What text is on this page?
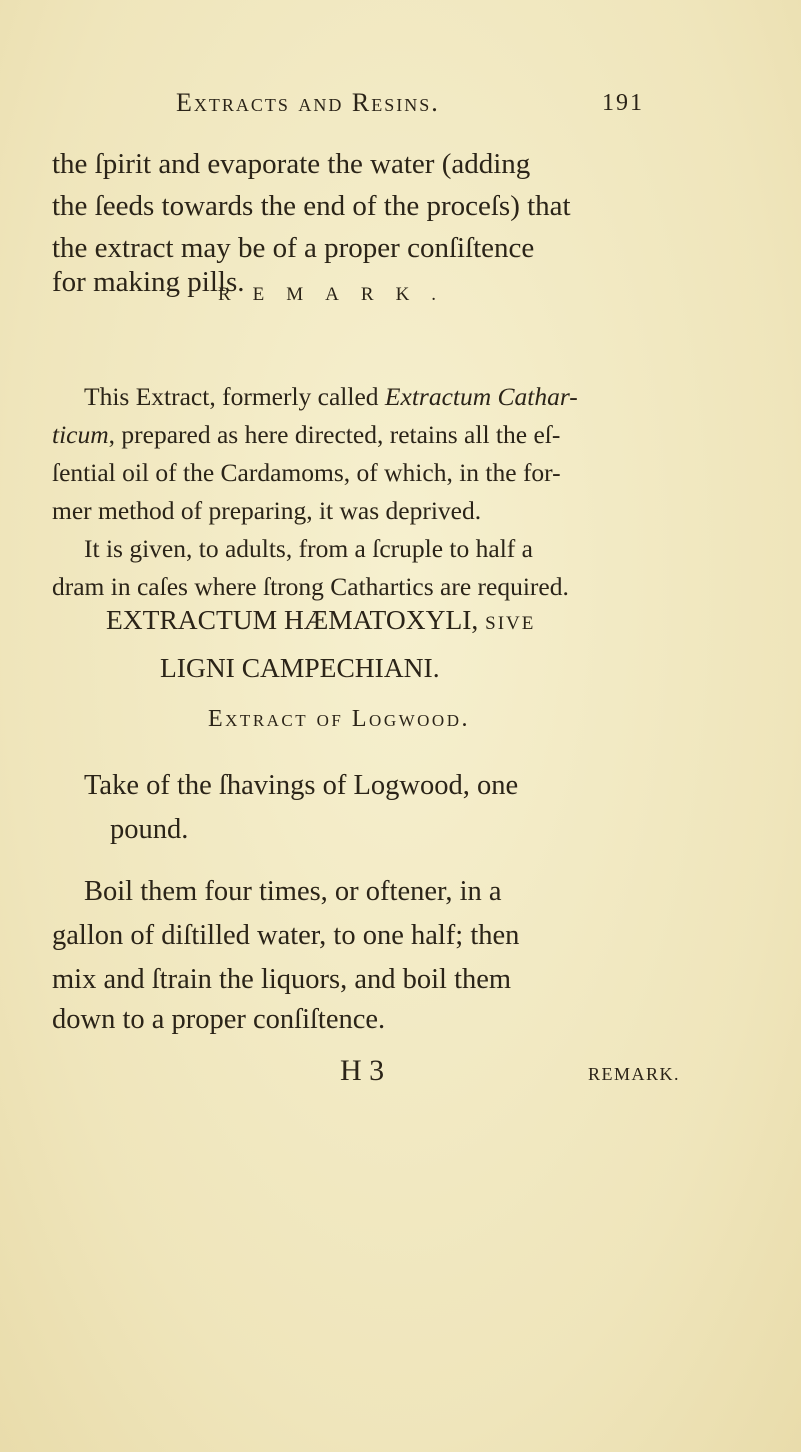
Extracts and Resins.	191
the ſpirit and evaporate the water (adding
the ſeeds towards the end of the proceſs) that
the extract may be of a proper conſiſtence
for making pills.
REMARK.
This Extract, formerly called Extractum Cathar-
ticum, prepared as here directed, retains all the eſ-
ſential oil of the Cardamoms, of which, in the for-
mer method of preparing, it was deprived.
It is given, to adults, from a ſcruple to half a
dram in caſes where ſtrong Cathartics are required.
EXTRACTUM HÆMATOXYLI, SIVE
LIGNI CAMPECHIANI.
Extract of Logwood.
Take of the ſhavings of Logwood, one
pound.
Boil them four times, or oftener, in a
gallon of diſtilled water, to one half; then
mix and ſtrain the liquors, and boil them
down to a proper conſiſtence.
H 3	REMARK.
